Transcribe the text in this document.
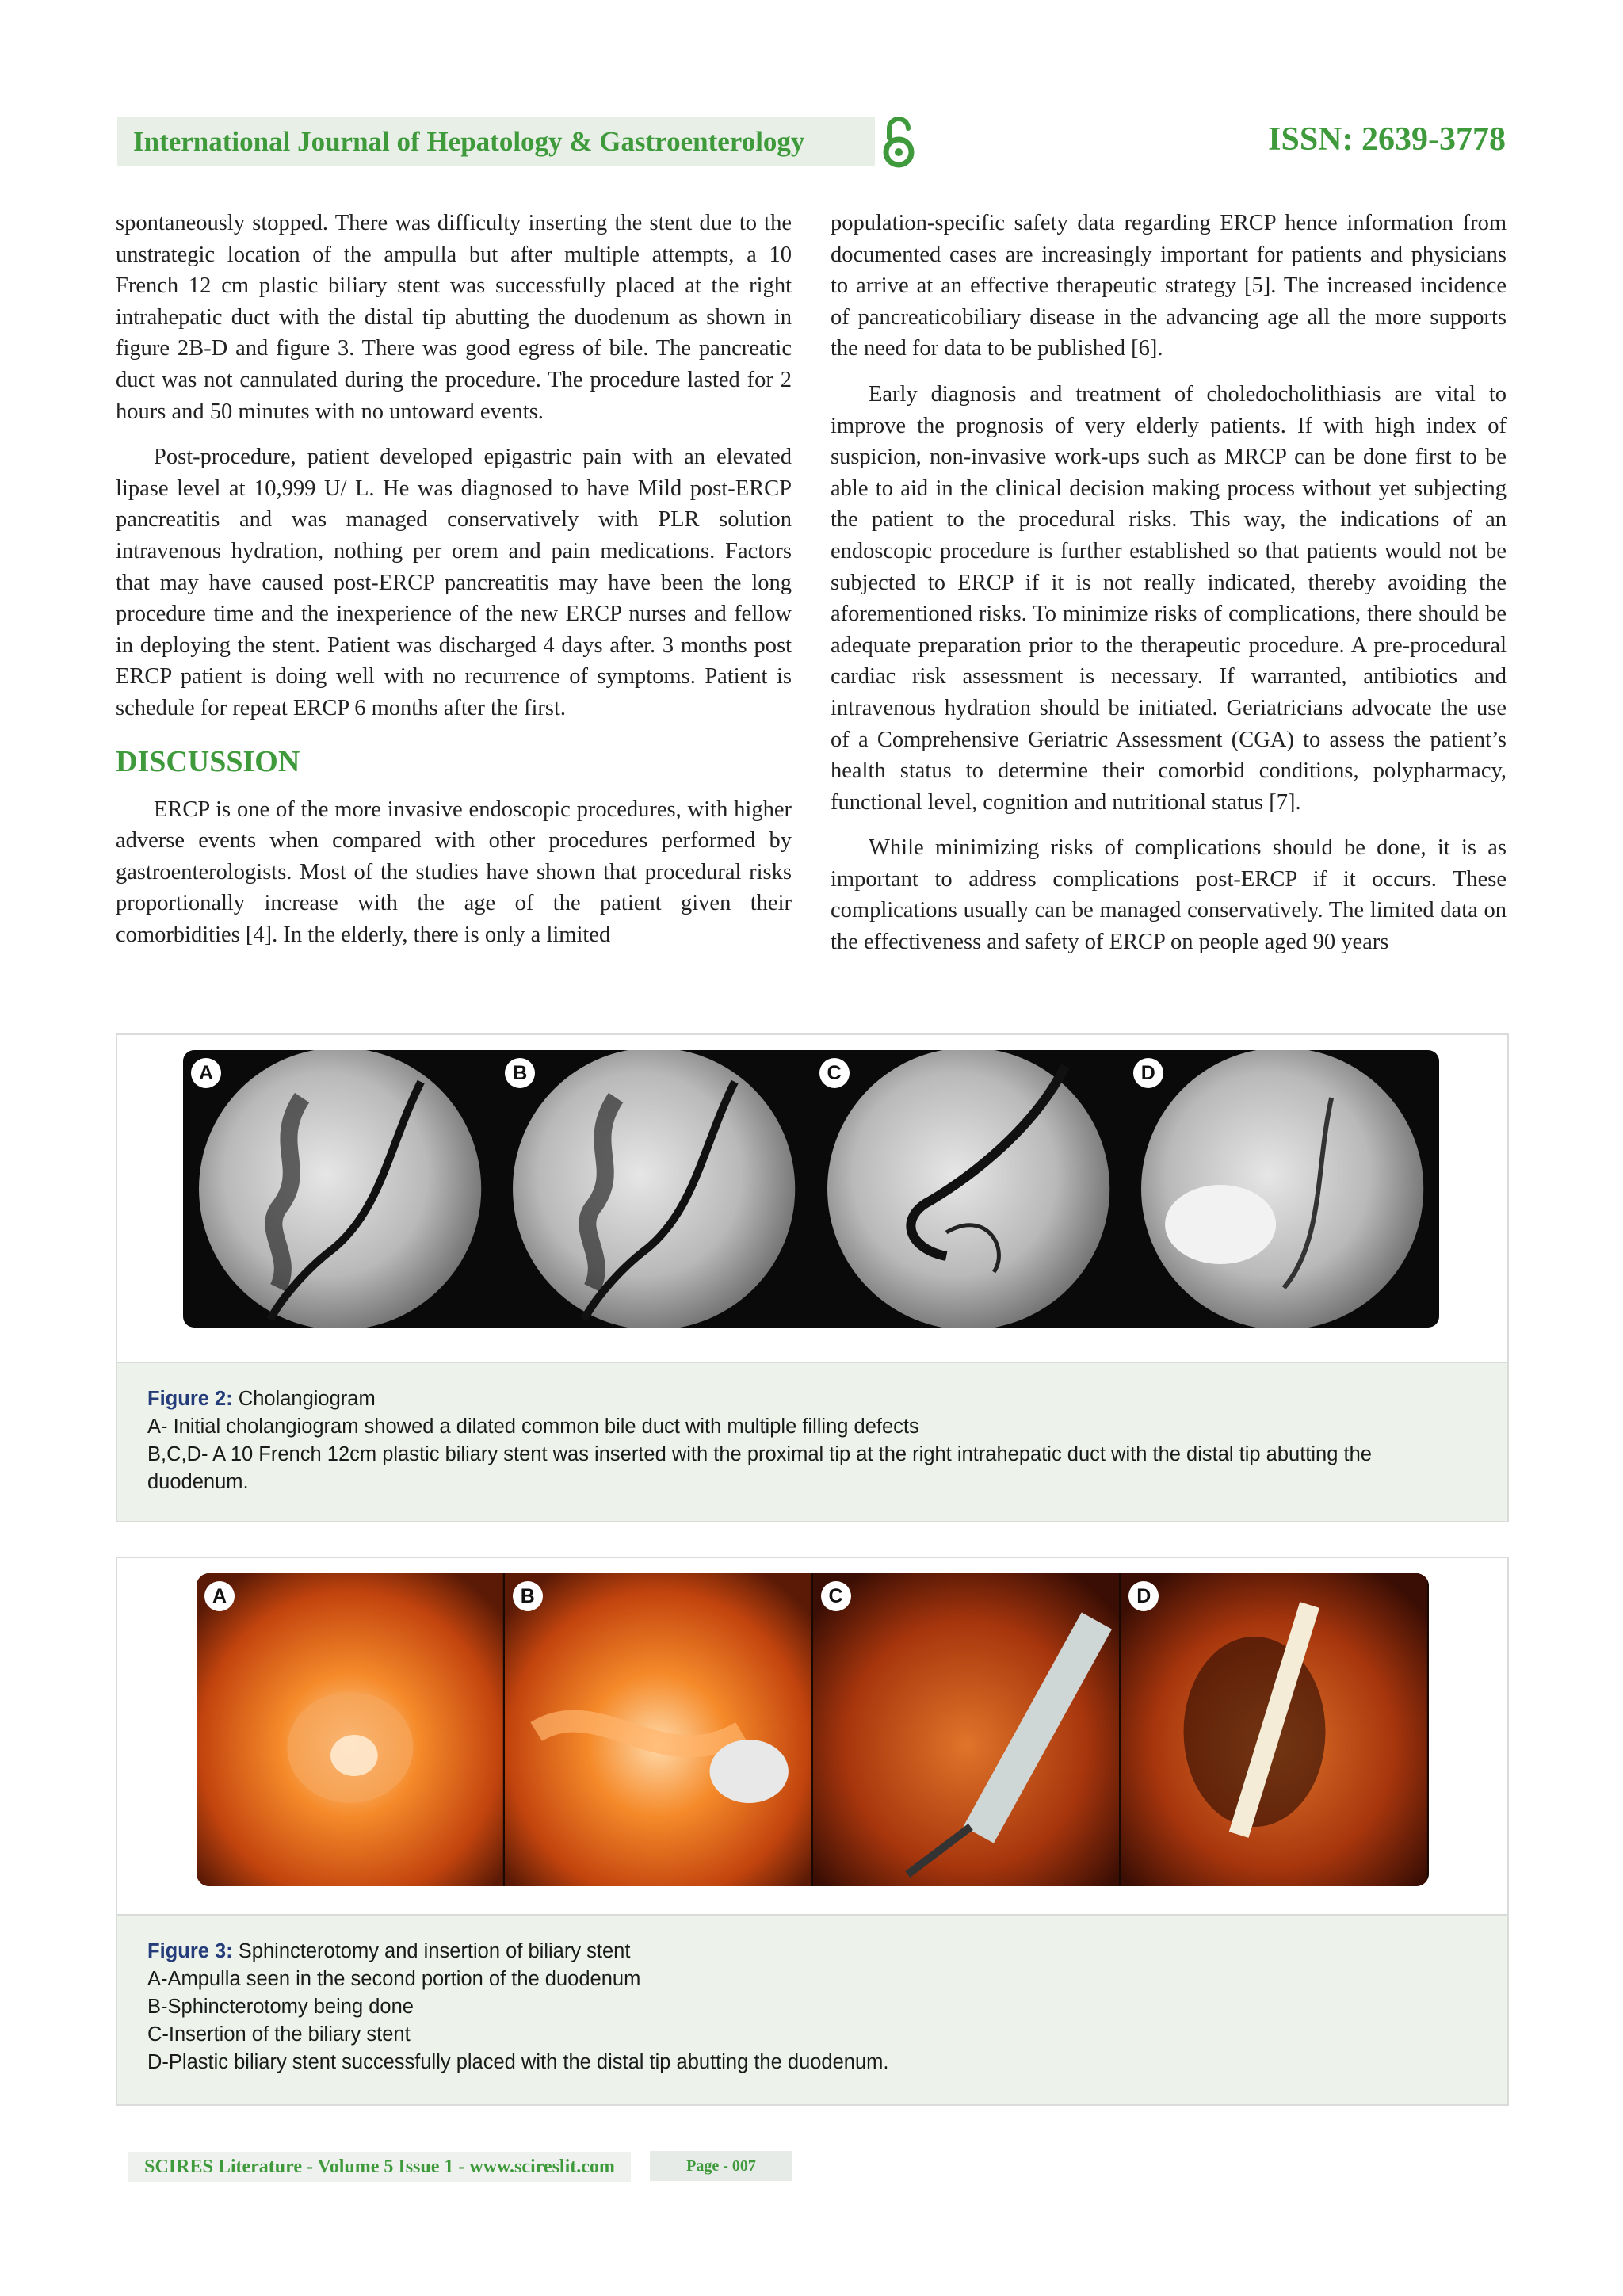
International Journal of Hepatology & Gastroenterology	ISSN: 2639-3778

spontaneously stopped. There was difficulty inserting the stent due to the unstrategic location of the ampulla but after multiple attempts, a 10 French 12 cm plastic biliary stent was successfully placed at the right intrahepatic duct with the distal tip abutting the duodenum as shown in figure 2B-D and figure 3. There was good egress of bile. The pancreatic duct was not cannulated during the procedure. The procedure lasted for 2 hours and 50 minutes with no untoward events.

Post-procedure, patient developed epigastric pain with an elevated lipase level at 10,999 U/ L. He was diagnosed to have Mild post-ERCP pancreatitis and was managed conservatively with PLR solution intravenous hydration, nothing per orem and pain medications. Factors that may have caused post-ERCP pancreatitis may have been the long procedure time and the inexperience of the new ERCP nurses and fellow in deploying the stent. Patient was discharged 4 days after. 3 months post ERCP patient is doing well with no recurrence of symptoms. Patient is schedule for repeat ERCP 6 months after the first.

DISCUSSION

ERCP is one of the more invasive endoscopic procedures, with higher adverse events when compared with other procedures performed by gastroenterologists. Most of the studies have shown that procedural risks proportionally increase with the age of the patient given their comorbidities [4]. In the elderly, there is only a limited

population-specific safety data regarding ERCP hence information from documented cases are increasingly important for patients and physicians to arrive at an effective therapeutic strategy [5]. The increased incidence of pancreaticobiliary disease in the advancing age all the more supports the need for data to be published [6].

Early diagnosis and treatment of choledocholithiasis are vital to improve the prognosis of very elderly patients. If with high index of suspicion, non-invasive work-ups such as MRCP can be done first to be able to aid in the clinical decision making process without yet subjecting the patient to the procedural risks. This way, the indications of an endoscopic procedure is further established so that patients would not be subjected to ERCP if it is not really indicated, thereby avoiding the aforementioned risks. To minimize risks of complications, there should be adequate preparation prior to the therapeutic procedure. A pre-procedural cardiac risk assessment is necessary. If warranted, antibiotics and intravenous hydration should be initiated. Geriatricians advocate the use of a Comprehensive Geriatric Assessment (CGA) to assess the patient’s health status to determine their comorbid conditions, polypharmacy, functional level, cognition and nutritional status [7].

While minimizing risks of complications should be done, it is as important to address complications post-ERCP if it occurs. These complications usually can be managed conservatively. The limited data on the effectiveness and safety of ERCP on people aged 90 years

A	B	C	D
Figure 2: Cholangiogram
A- Initial cholangiogram showed a dilated common bile duct with multiple filling defects
B,C,D- A 10 French 12cm plastic biliary stent was inserted with the proximal tip at the right intrahepatic duct with the distal tip abutting the duodenum.
A	B	C	D
Figure 3: Sphincterotomy and insertion of biliary stent
A-Ampulla seen in the second portion of the duodenum
B-Sphincterotomy being done
C-Insertion of the biliary stent
D-Plastic biliary stent successfully placed with the distal tip abutting the duodenum.
SCIRES Literature - Volume 5 Issue 1 - www.scireslit.com	Page - 007
